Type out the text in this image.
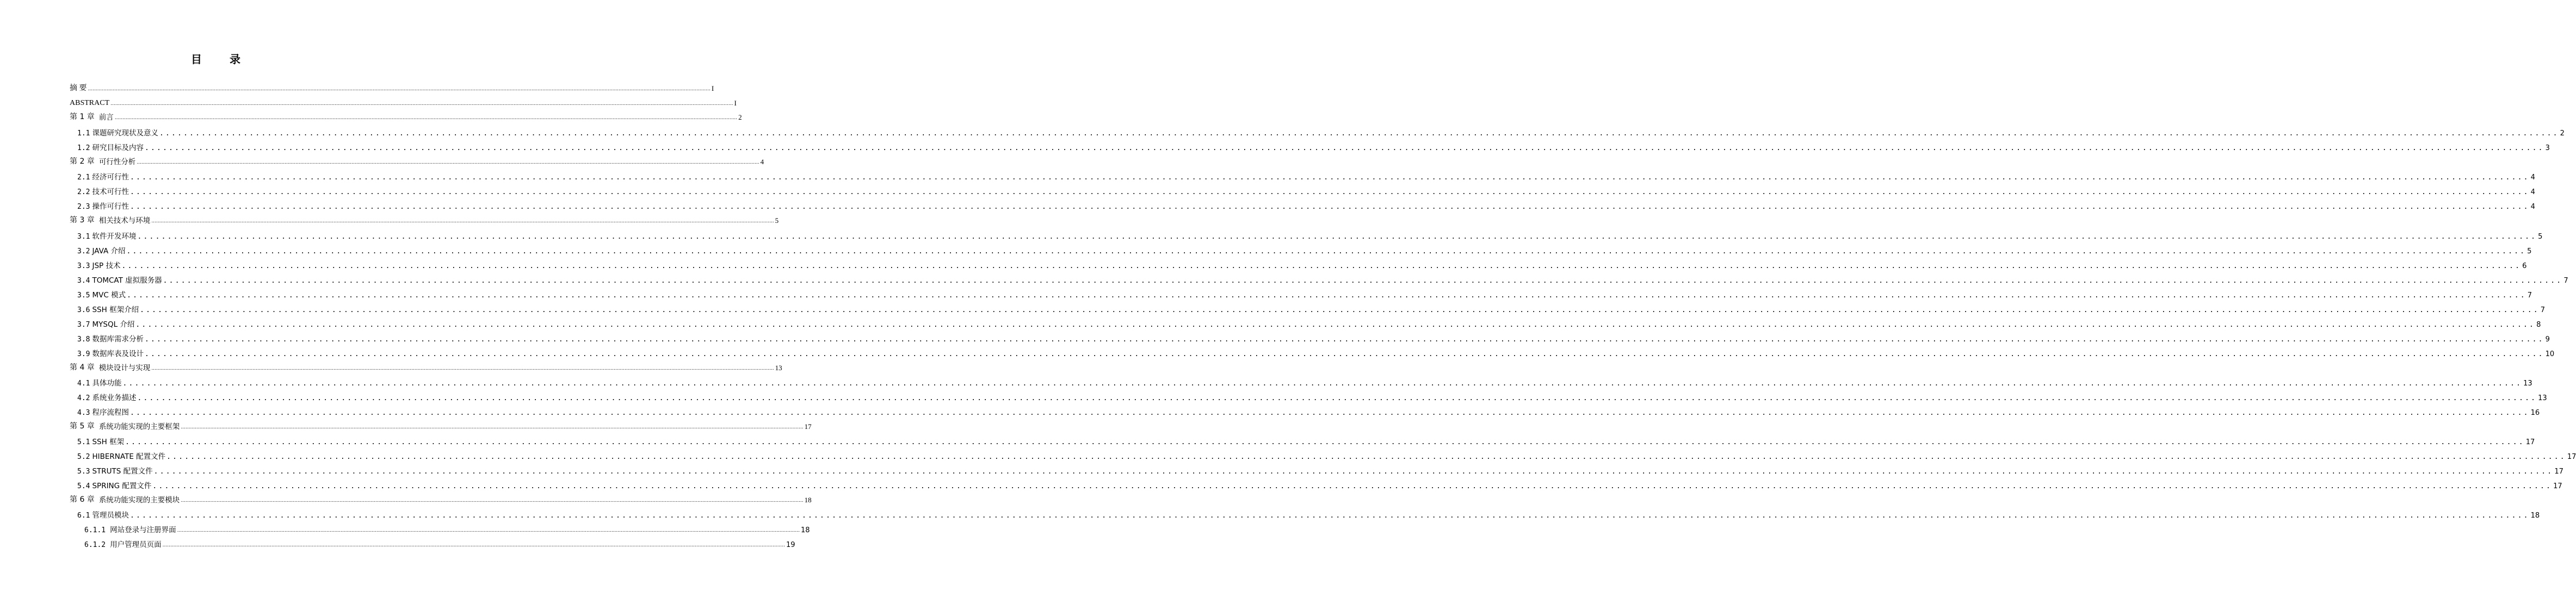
目 录
摘 要 ................................................................................................................................................................................................................................................................................................................................................................................................................ I
ABSTRACT ................................................................................................................................................................................................................................................................................................................................................................................................................ I
第 1 章 前言 ................................................................................................................................................................................................................................................................................................................................................................................................................ 2
1.1 课题研究现状及意义 ................................................................................................................................................................................................................................................................................................................................................................................................................ 2
1.2 研究目标及内容 ................................................................................................................................................................................................................................................................................................................................................................................................................ 3
第 2 章 可行性分析 ................................................................................................................................................................................................................................................................................................................................................................................................................ 4
2.1 经济可行性 ................................................................................................................................................................................................................................................................................................................................................................................................................ 4
2.2 技术可行性 ................................................................................................................................................................................................................................................................................................................................................................................................................ 4
2.3 操作可行性 ................................................................................................................................................................................................................................................................................................................................................................................................................ 4
第 3 章 相关技术与环境 ................................................................................................................................................................................................................................................................................................................................................................................................................ 5
3.1 软件开发环境 ................................................................................................................................................................................................................................................................................................................................................................................................................ 5
3.2 JAVA 介绍 ................................................................................................................................................................................................................................................................................................................................................................................................................ 5
3.3 JSP 技术 ................................................................................................................................................................................................................................................................................................................................................................................................................ 6
3.4 TOMCAT 虚拟服务器 ................................................................................................................................................................................................................................................................................................................................................................................................................ 7
3.5 MVC 模式 ................................................................................................................................................................................................................................................................................................................................................................................................................ 7
3.6 SSH 框架介绍 ................................................................................................................................................................................................................................................................................................................................................................................................................ 7
3.7 MYSQL 介绍 ................................................................................................................................................................................................................................................................................................................................................................................................................ 8
3.8 数据库需求分析 ................................................................................................................................................................................................................................................................................................................................................................................................................ 9
3.9 数据库表及设计 ................................................................................................................................................................................................................................................................................................................................................................................................................ 10
第 4 章 模块设计与实现 ................................................................................................................................................................................................................................................................................................................................................................................................................ 13
4.1 具体功能 ................................................................................................................................................................................................................................................................................................................................................................................................................ 13
4.2 系统业务描述 ................................................................................................................................................................................................................................................................................................................................................................................................................ 13
4.3 程序流程图 ................................................................................................................................................................................................................................................................................................................................................................................................................ 16
第 5 章 系统功能实现的主要框架 ................................................................................................................................................................................................................................................................................................................................................................................................................ 17
5.1 SSH 框架 ................................................................................................................................................................................................................................................................................................................................................................................................................ 17
5.2 HIBERNATE 配置文件 ................................................................................................................................................................................................................................................................................................................................................................................................................ 17
5.3 STRUTS 配置文件 ................................................................................................................................................................................................................................................................................................................................................................................................................ 17
5.4 SPRING 配置文件 ................................................................................................................................................................................................................................................................................................................................................................................................................ 17
第 6 章 系统功能实现的主要模块 ................................................................................................................................................................................................................................................................................................................................................................................................................ 18
6.1 管理员模块 ................................................................................................................................................................................................................................................................................................................................................................................................................ 18
6.1.1 网站登录与注册界面 ................................................................................................................................................................................................................................................................................................................................................................................................................ 18
6.1.2 用户管理员页面 ................................................................................................................................................................................................................................................................................................................................................................................................................ 19
